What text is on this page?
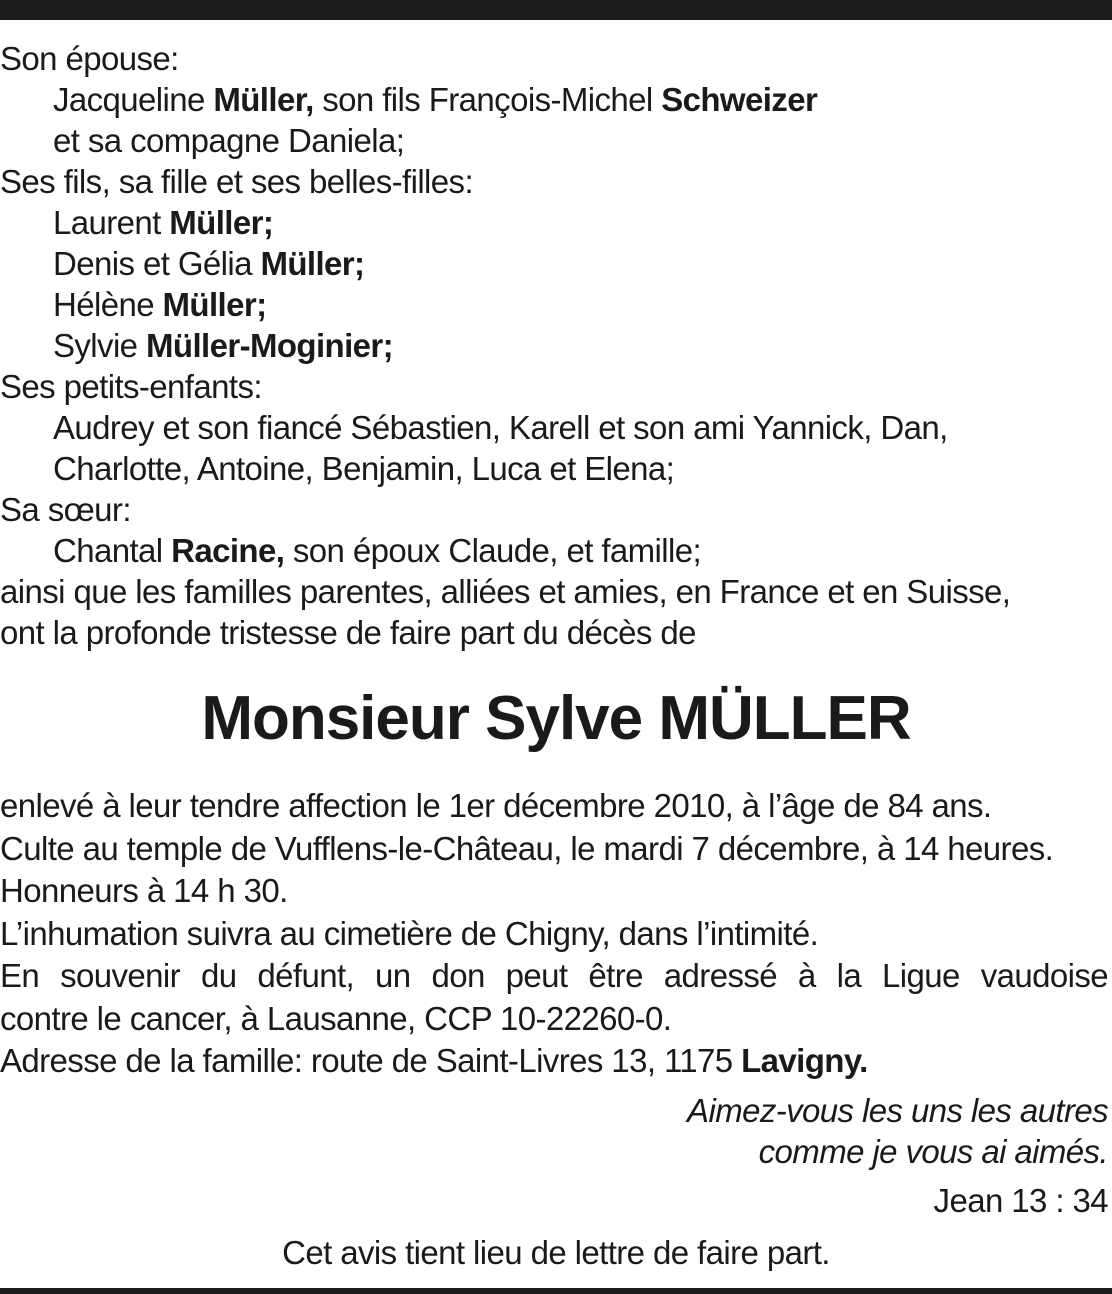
Son épouse:
Jacqueline Müller, son fils François-Michel Schweizer
et sa compagne Daniela;
Ses fils, sa fille et ses belles-filles:
Laurent Müller;
Denis et Gélia Müller;
Hélène Müller;
Sylvie Müller-Moginier;
Ses petits-enfants:
Audrey et son fiancé Sébastien, Karell et son ami Yannick, Dan,
Charlotte, Antoine, Benjamin, Luca et Elena;
Sa sœur:
Chantal Racine, son époux Claude, et famille;
ainsi que les familles parentes, alliées et amies, en France et en Suisse,
ont la profonde tristesse de faire part du décès de
Monsieur Sylve MÜLLER
enlevé à leur tendre affection le 1er décembre 2010, à l’âge de 84 ans.
Culte au temple de Vufflens-le-Château, le mardi 7 décembre, à 14 heures.
Honneurs à 14 h 30.
L’inhumation suivra au cimetière de Chigny, dans l’intimité.
En souvenir du défunt, un don peut être adressé à la Ligue vaudoise
contre le cancer, à Lausanne, CCP 10-22260-0.
Adresse de la famille: route de Saint-Livres 13, 1175 Lavigny.
Aimez-vous les uns les autres
comme je vous ai aimés.
Jean 13 : 34
Cet avis tient lieu de lettre de faire part.
